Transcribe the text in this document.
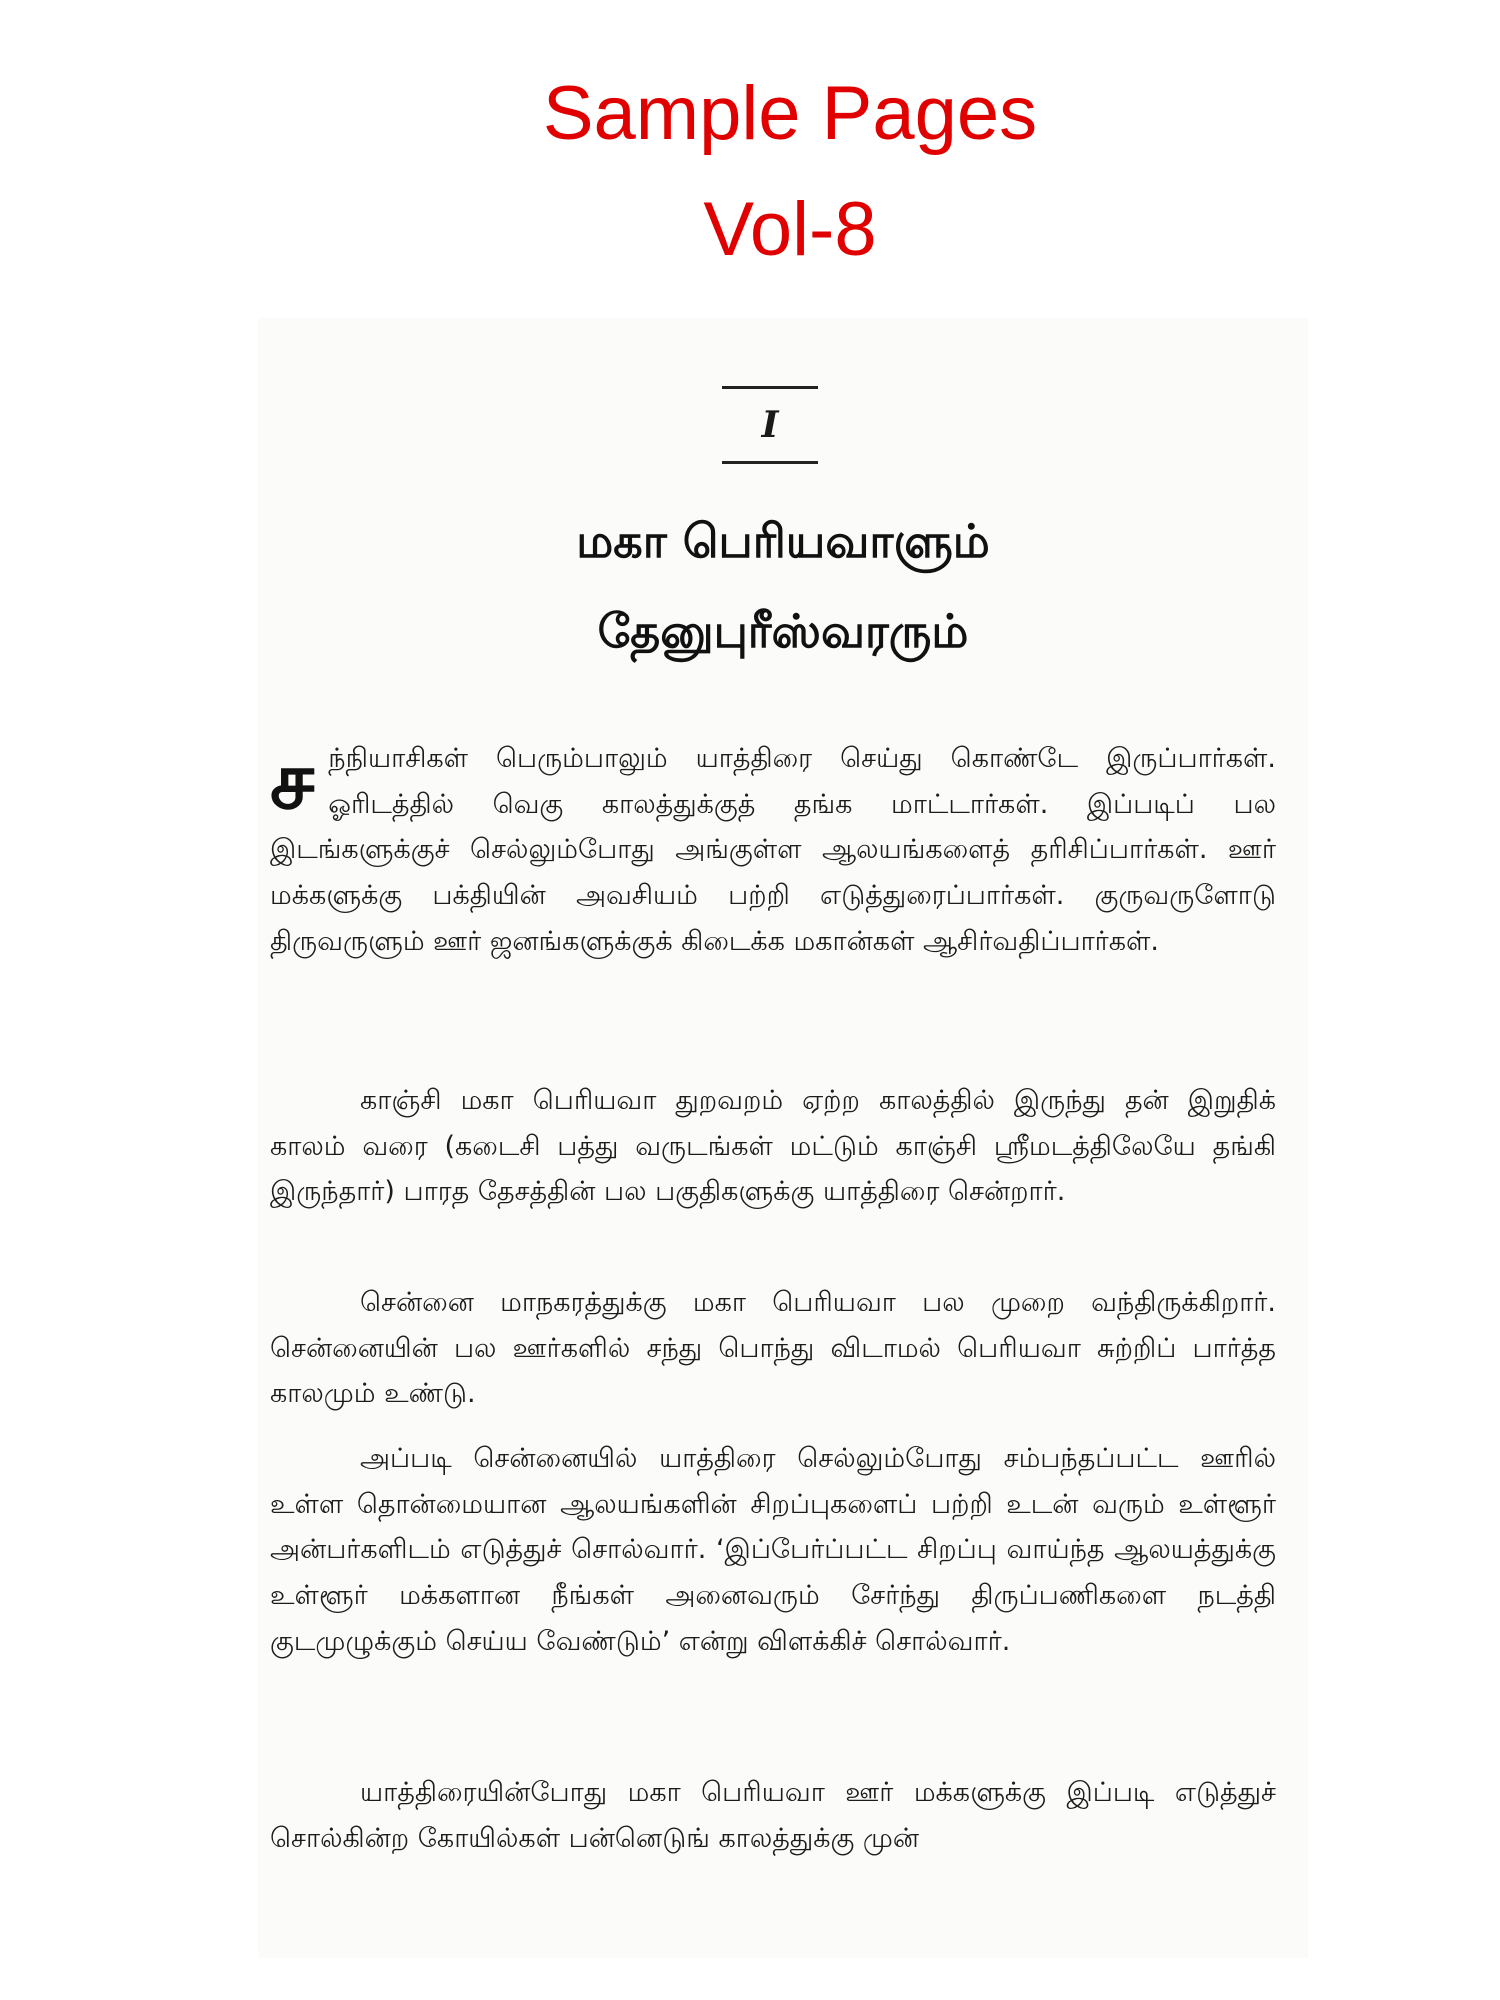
Sample Pages
Vol-8
I
மகா பெரியவாளும்
தேனுபுரீஸ்வரரும்

சந்நியாசிகள் பெரும்பாலும் யாத்திரை செய்து கொண்டே இருப்பார்கள். ஓரிடத்தில் வெகு காலத்துக்குத் தங்க மாட்டார்கள். இப்படிப் பல இடங்களுக்குச் செல்லும்போது அங்குள்ள ஆலயங்களைத் தரிசிப்பார்கள். ஊர் மக்களுக்கு பக்தியின் அவசியம் பற்றி எடுத்துரைப்பார்கள். குருவருளோடு திருவருளும் ஊர் ஜனங்களுக்குக் கிடைக்க மகான்கள் ஆசிர்வதிப்பார்கள்.

காஞ்சி மகா பெரியவா துறவறம் ஏற்ற காலத்தில் இருந்து தன் இறுதிக் காலம் வரை (கடைசி பத்து வருடங்கள் மட்டும் காஞ்சி ஸ்ரீமடத்திலேயே தங்கி இருந்தார்) பாரத தேசத்தின் பல பகுதிகளுக்கு யாத்திரை சென்றார்.

சென்னை மாநகரத்துக்கு மகா பெரியவா பல முறை வந்திருக்கிறார். சென்னையின் பல ஊர்களில் சந்து பொந்து விடாமல் பெரியவா சுற்றிப் பார்த்த காலமும் உண்டு.

அப்படி சென்னையில் யாத்திரை செல்லும்போது சம்பந்தப்பட்ட ஊரில் உள்ள தொன்மையான ஆலயங்களின் சிறப்புகளைப் பற்றி உடன் வரும் உள்ளூர் அன்பர்களிடம் எடுத்துச் சொல்வார். ‘இப்பேர்ப்பட்ட சிறப்பு வாய்ந்த ஆலயத்துக்கு உள்ளூர் மக்களான நீங்கள் அனைவரும் சேர்ந்து திருப்பணிகளை நடத்தி குடமுழுக்கும் செய்ய வேண்டும்’ என்று விளக்கிச் சொல்வார்.

யாத்திரையின்போது மகா பெரியவா ஊர் மக்களுக்கு இப்படி எடுத்துச் சொல்கின்ற கோயில்கள் பன்னெடுங் காலத்துக்கு முன்
